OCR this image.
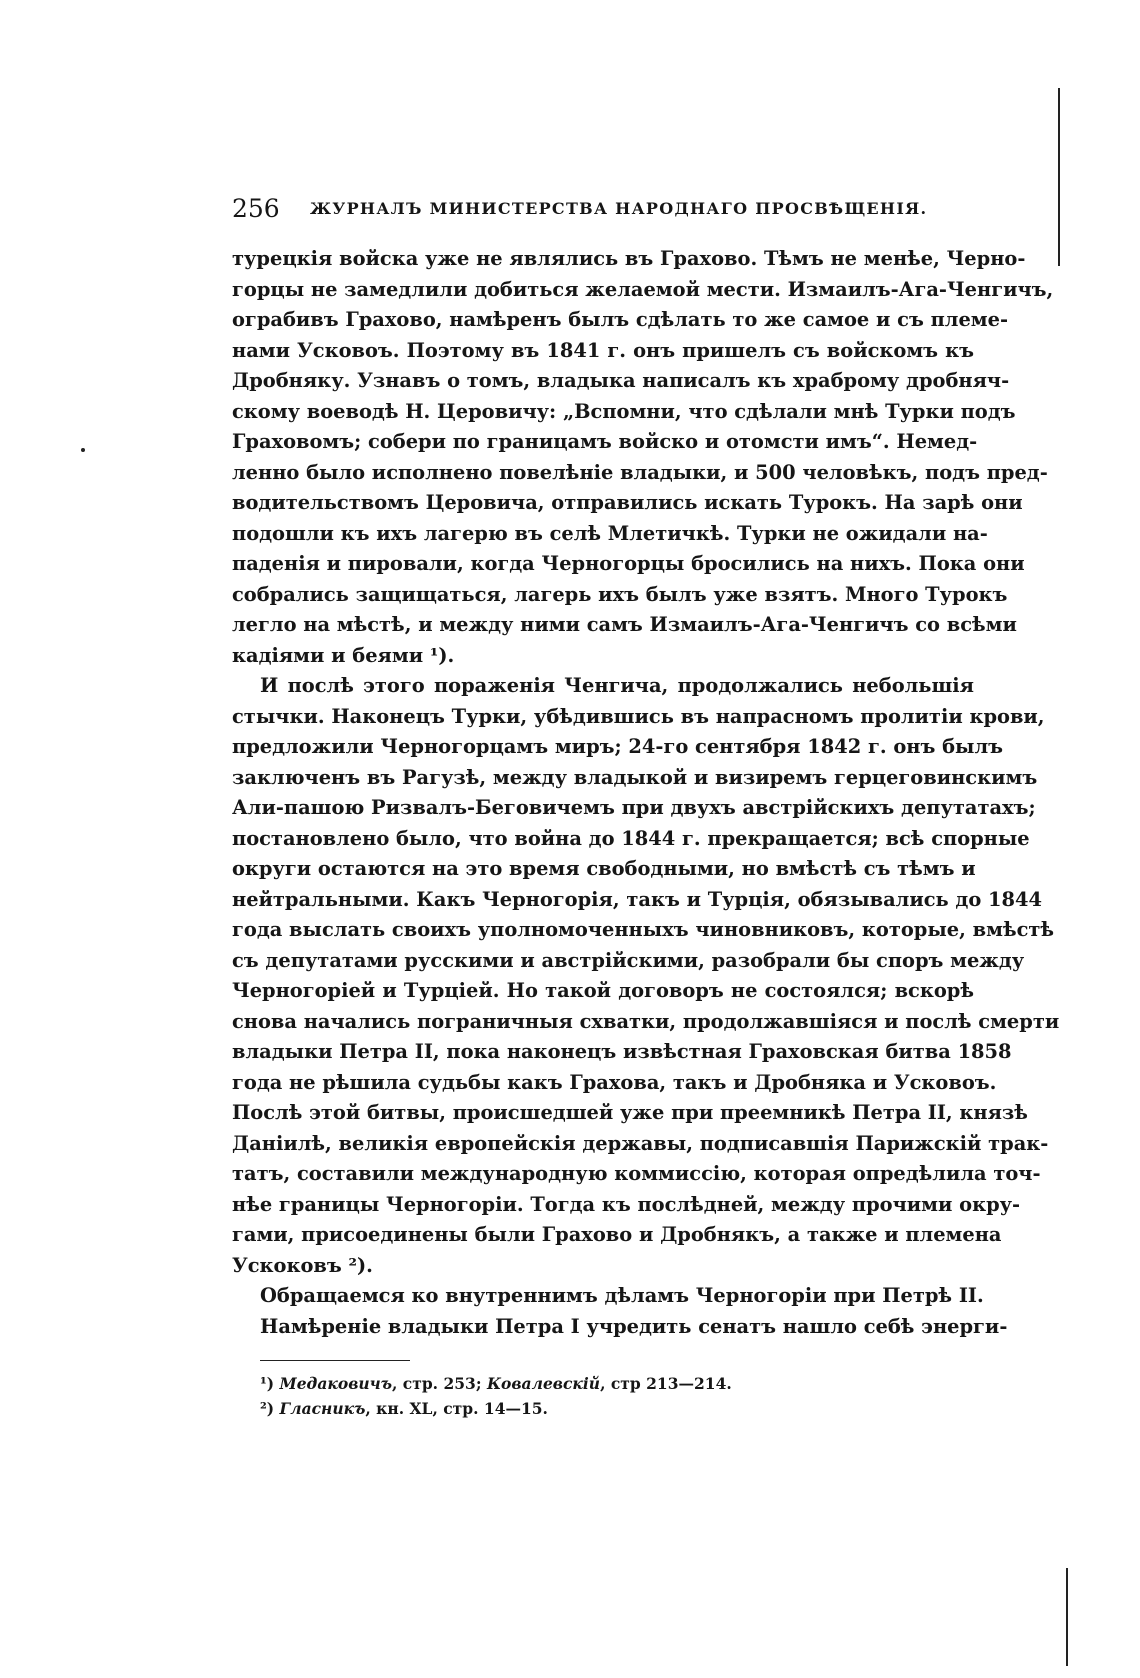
256 ЖУРНАЛЪ МИНИСТЕРСТВА НАРОДНАГО ПРОСВѢЩЕНІЯ.
турецкія войска уже не являлись въ Грахово. Тѣмъ не менѣе, Черно-
горцы не замедлили добиться желаемой мести. Измаилъ-Ага-Ченгичъ,
ограбивъ Грахово, намѣренъ былъ сдѣлать то же самое и съ племе-
нами Усковоъ. Поэтому въ 1841 г. онъ пришелъ съ войскомъ къ
Дробняку. Узнавъ о томъ, владыка написалъ къ храброму дробняч-
скому воеводѣ Н. Церовичу: „Вспомни, что сдѣлали мнѣ Турки подъ
Граховомъ; собери по границамъ войско и отомсти имъ“. Немед-
ленно было исполнено повелѣніе владыки, и 500 человѣкъ, подъ пред-
водительствомъ Церовича, отправились искать Турокъ. На зарѣ они
подошли къ ихъ лагерю въ селѣ Млетичкѣ. Турки не ожидали на-
паденія и пировали, когда Черногорцы бросились на нихъ. Пока они
собрались защищаться, лагерь ихъ былъ уже взятъ. Много Турокъ
легло на мѣстѣ, и между ними самъ Измаилъ-Ага-Ченгичъ со всѣми
кадіями и беями ¹).
И послѣ этого пораженія Ченгича, продолжались небольшія
стычки. Наконецъ Турки, убѣдившись въ напрасномъ пролитіи крови,
предложили Черногорцамъ миръ; 24-го сентября 1842 г. онъ былъ
заключенъ въ Рагузѣ, между владыкой и визиремъ герцеговинскимъ
Али-пашою Ризвалъ-Беговичемъ при двухъ австрійскихъ депутатахъ;
постановлено было, что война до 1844 г. прекращается; всѣ спорные
округи остаются на это время свободными, но вмѣстѣ съ тѣмъ и
нейтральными. Какъ Черногорія, такъ и Турція, обязывались до 1844
года выслать своихъ уполномоченныхъ чиновниковъ, которые, вмѣстѣ
съ депутатами русскими и австрійскими, разобрали бы споръ между
Черногоріей и Турціей. Но такой договоръ не состоялся; вскорѣ
снова начались пограничныя схватки, продолжавшіяся и послѣ смерти
владыки Петра II, пока наконецъ извѣстная Граховская битва 1858
года не рѣшила судьбы какъ Грахова, такъ и Дробняка и Усковоъ.
Послѣ этой битвы, происшедшей уже при преемникѣ Петра II, князѣ
Даніилѣ, великія европейскія державы, подписавшія Парижскій трак-
татъ, составили международную коммиссію, которая опредѣлила точ-
нѣе границы Черногоріи. Тогда къ послѣдней, между прочими окру-
гами, присоединены были Грахово и Дробнякъ, а также и племена
Ускоковъ ²).
Обращаемся ко внутреннимъ дѣламъ Черногоріи при Петрѣ II.
Намѣреніе владыки Петра I учредить сенатъ нашло себѣ энерги-
¹) Медаковичъ, стр. 253; Ковалевскій, стр 213—214.
²) Гласникъ, кн. XL, стр. 14—15.
